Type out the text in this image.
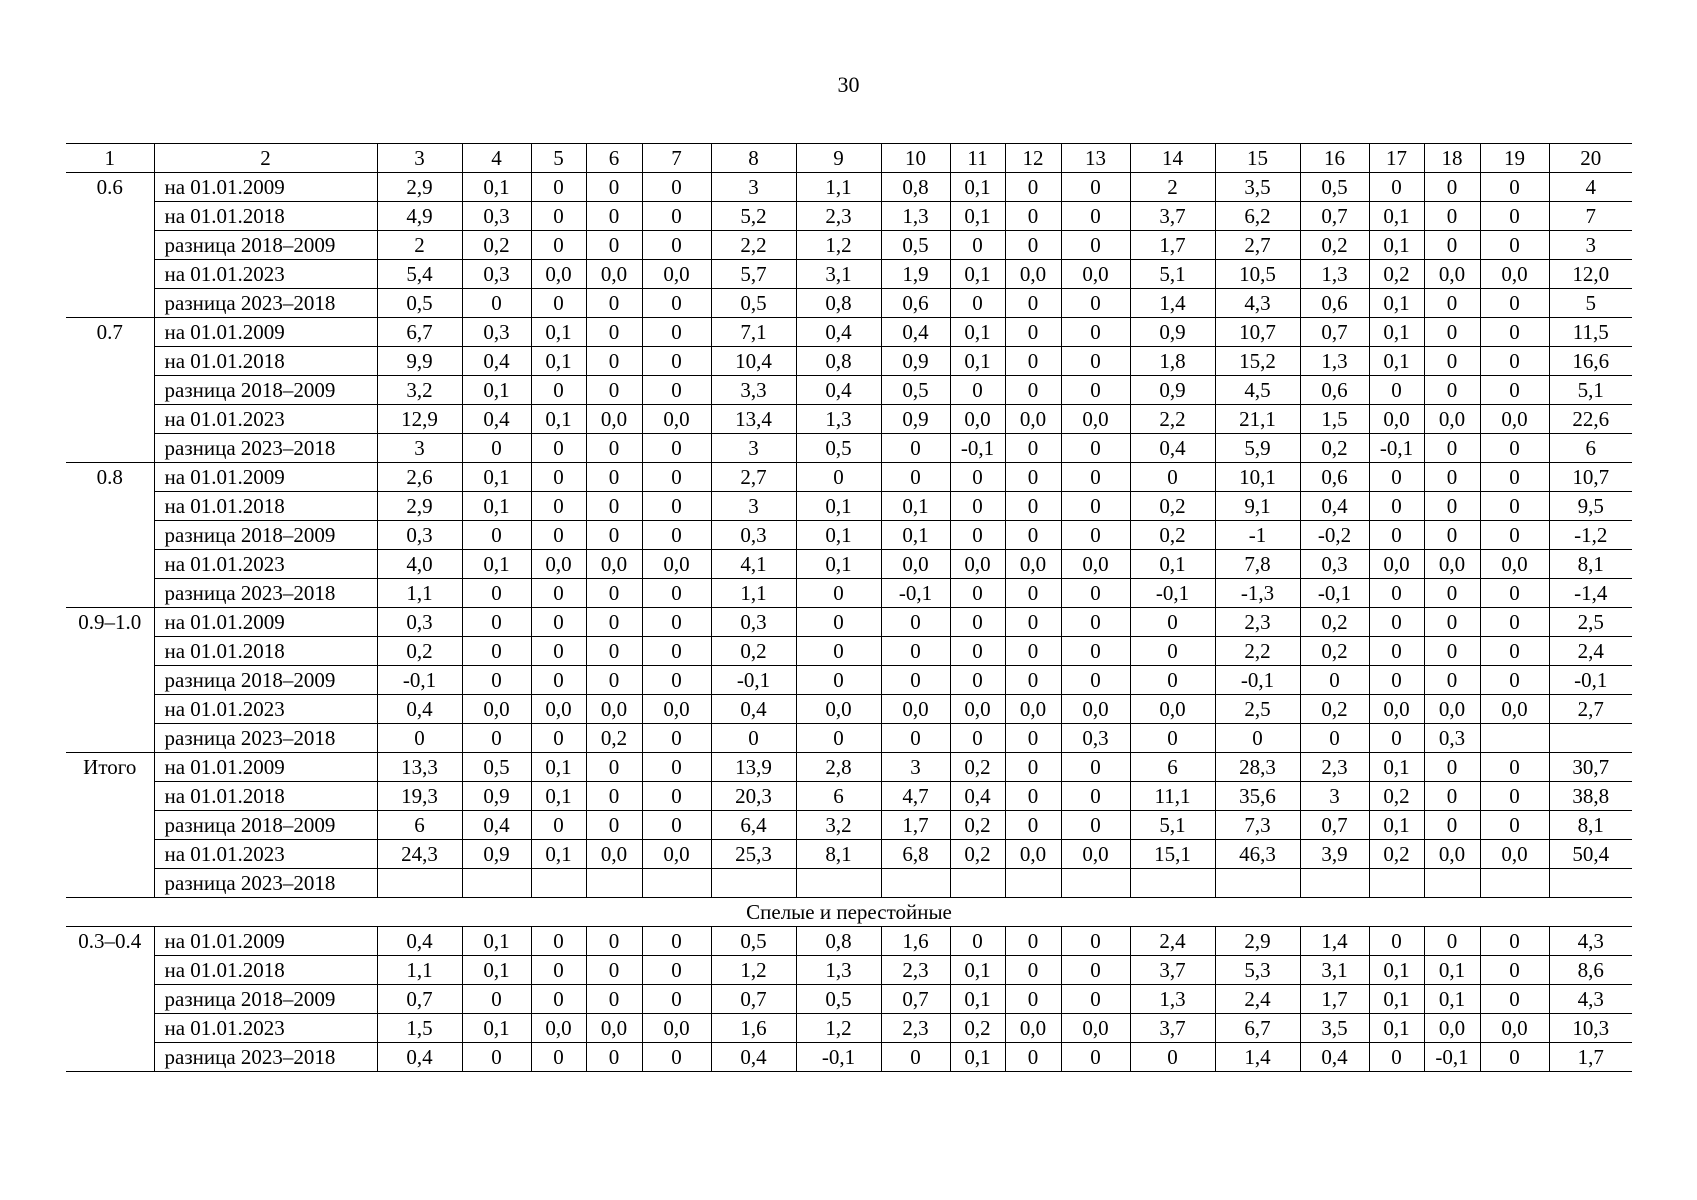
30
1	2	3	4	5	6	7	8	9	10	11	12	13	14	15	16	17	18	19	20
0.6	на 01.01.2009	2,9	0,1	0	0	0	3	1,1	0,8	0,1	0	0	2	3,5	0,5	0	0	0	4
	на 01.01.2018	4,9	0,3	0	0	0	5,2	2,3	1,3	0,1	0	0	3,7	6,2	0,7	0,1	0	0	7
	разница 2018–2009	2	0,2	0	0	0	2,2	1,2	0,5	0	0	0	1,7	2,7	0,2	0,1	0	0	3
	на 01.01.2023	5,4	0,3	0,0	0,0	0,0	5,7	3,1	1,9	0,1	0,0	0,0	5,1	10,5	1,3	0,2	0,0	0,0	12,0
	разница 2023–2018	0,5	0	0	0	0	0,5	0,8	0,6	0	0	0	1,4	4,3	0,6	0,1	0	0	5
0.7	на 01.01.2009	6,7	0,3	0,1	0	0	7,1	0,4	0,4	0,1	0	0	0,9	10,7	0,7	0,1	0	0	11,5
	на 01.01.2018	9,9	0,4	0,1	0	0	10,4	0,8	0,9	0,1	0	0	1,8	15,2	1,3	0,1	0	0	16,6
	разница 2018–2009	3,2	0,1	0	0	0	3,3	0,4	0,5	0	0	0	0,9	4,5	0,6	0	0	0	5,1
	на 01.01.2023	12,9	0,4	0,1	0,0	0,0	13,4	1,3	0,9	0,0	0,0	0,0	2,2	21,1	1,5	0,0	0,0	0,0	22,6
	разница 2023–2018	3	0	0	0	0	3	0,5	0	-0,1	0	0	0,4	5,9	0,2	-0,1	0	0	6
0.8	на 01.01.2009	2,6	0,1	0	0	0	2,7	0	0	0	0	0	0	10,1	0,6	0	0	0	10,7
	на 01.01.2018	2,9	0,1	0	0	0	3	0,1	0,1	0	0	0	0,2	9,1	0,4	0	0	0	9,5
	разница 2018–2009	0,3	0	0	0	0	0,3	0,1	0,1	0	0	0	0,2	-1	-0,2	0	0	0	-1,2
	на 01.01.2023	4,0	0,1	0,0	0,0	0,0	4,1	0,1	0,0	0,0	0,0	0,0	0,1	7,8	0,3	0,0	0,0	0,0	8,1
	разница 2023–2018	1,1	0	0	0	0	1,1	0	-0,1	0	0	0	-0,1	-1,3	-0,1	0	0	0	-1,4
0.9–1.0	на 01.01.2009	0,3	0	0	0	0	0,3	0	0	0	0	0	0	2,3	0,2	0	0	0	2,5
	на 01.01.2018	0,2	0	0	0	0	0,2	0	0	0	0	0	0	2,2	0,2	0	0	0	2,4
	разница 2018–2009	-0,1	0	0	0	0	-0,1	0	0	0	0	0	0	-0,1	0	0	0	0	-0,1
	на 01.01.2023	0,4	0,0	0,0	0,0	0,0	0,4	0,0	0,0	0,0	0,0	0,0	0,0	2,5	0,2	0,0	0,0	0,0	2,7
	разница 2023–2018	0	0	0	0,2	0	0	0	0	0	0	0,3	0	0	0	0	0,3		
Итого	на 01.01.2009	13,3	0,5	0,1	0	0	13,9	2,8	3	0,2	0	0	6	28,3	2,3	0,1	0	0	30,7
	на 01.01.2018	19,3	0,9	0,1	0	0	20,3	6	4,7	0,4	0	0	11,1	35,6	3	0,2	0	0	38,8
	разница 2018–2009	6	0,4	0	0	0	6,4	3,2	1,7	0,2	0	0	5,1	7,3	0,7	0,1	0	0	8,1
	на 01.01.2023	24,3	0,9	0,1	0,0	0,0	25,3	8,1	6,8	0,2	0,0	0,0	15,1	46,3	3,9	0,2	0,0	0,0	50,4
	разница 2023–2018																		
Спелые и перестойные																			
0.3–0.4	на 01.01.2009	0,4	0,1	0	0	0	0,5	0,8	1,6	0	0	0	2,4	2,9	1,4	0	0	0	4,3
	на 01.01.2018	1,1	0,1	0	0	0	1,2	1,3	2,3	0,1	0	0	3,7	5,3	3,1	0,1	0,1	0	8,6
	разница 2018–2009	0,7	0	0	0	0	0,7	0,5	0,7	0,1	0	0	1,3	2,4	1,7	0,1	0,1	0	4,3
	на 01.01.2023	1,5	0,1	0,0	0,0	0,0	1,6	1,2	2,3	0,2	0,0	0,0	3,7	6,7	3,5	0,1	0,0	0,0	10,3
	разница 2023–2018	0,4	0	0	0	0	0,4	-0,1	0	0,1	0	0	0	1,4	0,4	0	-0,1	0	1,7
